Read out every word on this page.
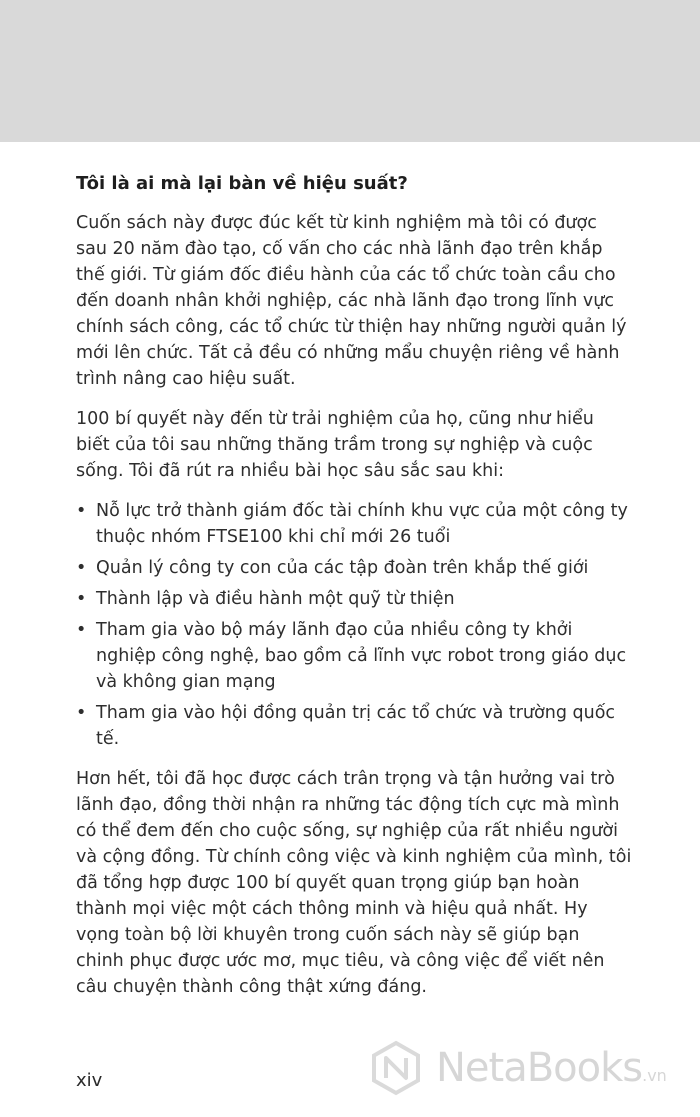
Tôi là ai mà lại bàn về hiệu suất?

Cuốn sách này được đúc kết từ kinh nghiệm mà tôi có được sau 20 năm đào tạo, cố vấn cho các nhà lãnh đạo trên khắp thế giới. Từ giám đốc điều hành của các tổ chức toàn cầu cho đến doanh nhân khởi nghiệp, các nhà lãnh đạo trong lĩnh vực chính sách công, các tổ chức từ thiện hay những người quản lý mới lên chức. Tất cả đều có những mẩu chuyện riêng về hành trình nâng cao hiệu suất.

100 bí quyết này đến từ trải nghiệm của họ, cũng như hiểu biết của tôi sau những thăng trầm trong sự nghiệp và cuộc sống. Tôi đã rút ra nhiều bài học sâu sắc sau khi:

• Nỗ lực trở thành giám đốc tài chính khu vực của một công ty thuộc nhóm FTSE100 khi chỉ mới 26 tuổi
• Quản lý công ty con của các tập đoàn trên khắp thế giới
• Thành lập và điều hành một quỹ từ thiện
• Tham gia vào bộ máy lãnh đạo của nhiều công ty khởi nghiệp công nghệ, bao gồm cả lĩnh vực robot trong giáo dục và không gian mạng
• Tham gia vào hội đồng quản trị các tổ chức và trường quốc tế.

Hơn hết, tôi đã học được cách trân trọng và tận hưởng vai trò lãnh đạo, đồng thời nhận ra những tác động tích cực mà mình có thể đem đến cho cuộc sống, sự nghiệp của rất nhiều người và cộng đồng. Từ chính công việc và kinh nghiệm của mình, tôi đã tổng hợp được 100 bí quyết quan trọng giúp bạn hoàn thành mọi việc một cách thông minh và hiệu quả nhất. Hy vọng toàn bộ lời khuyên trong cuốn sách này sẽ giúp bạn chinh phục được ước mơ, mục tiêu, và công việc để viết nên câu chuyện thành công thật xứng đáng.

xiv	NetaBooks.vn
